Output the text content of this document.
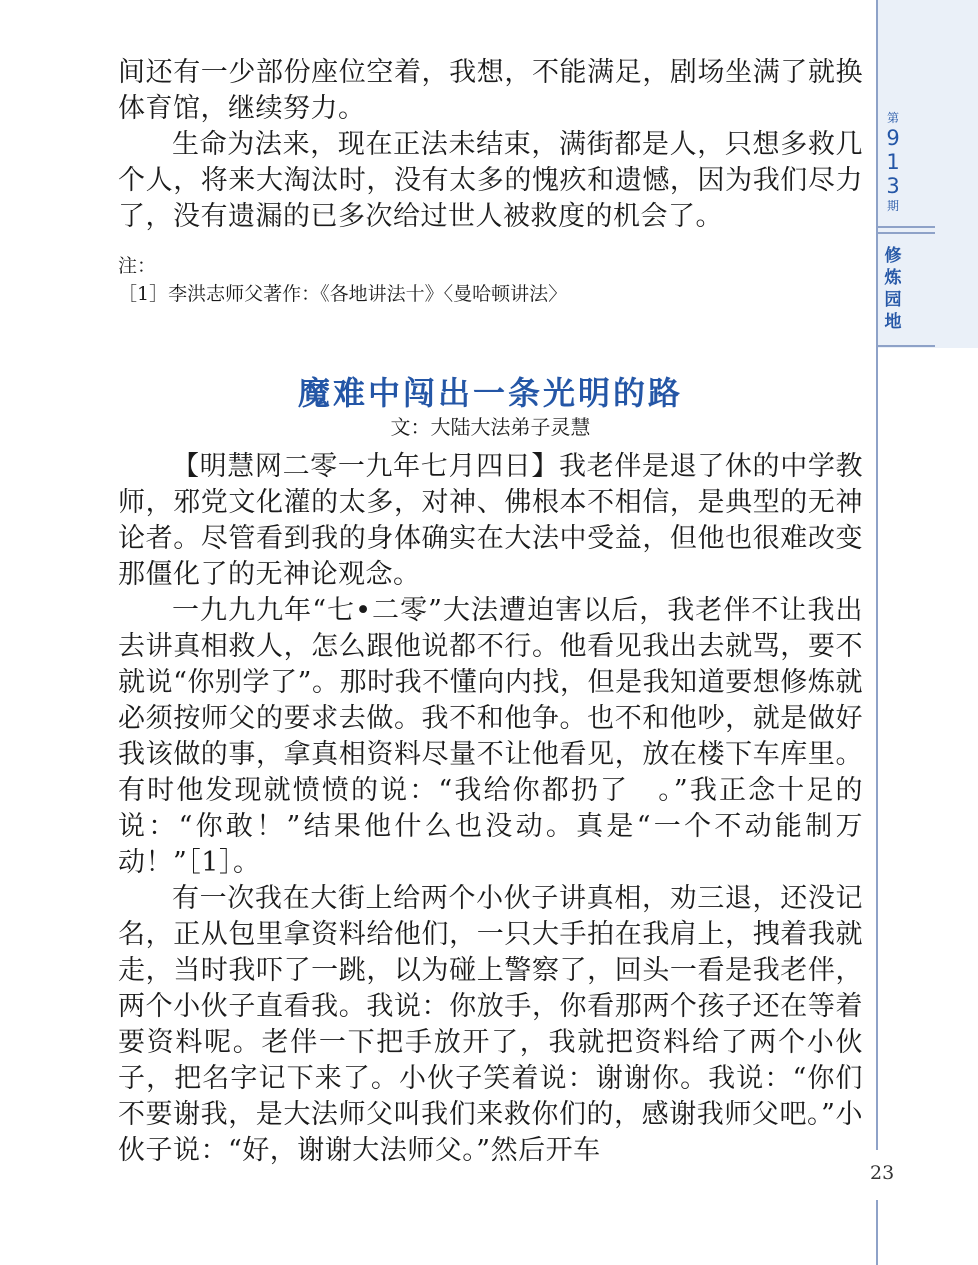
第
9
1
3
期
修
炼
园
地

间还有一少部份座位空着，我想，不能满足，剧场坐满了就换体育馆，继续努力。

生命为法来，现在正法未结束，满街都是人，只想多救几个人，将来大淘汰时，没有太多的愧疚和遗憾，因为我们尽力了，没有遗漏的已多次给过世人被救度的机会了。

注：
［1］李洪志师父著作：《各地讲法十》〈曼哈顿讲法〉
魔难中闯出一条光明的路
文：大陆大法弟子灵慧

【明慧网二零一九年七月四日】我老伴是退了休的中学教师，邪党文化灌的太多，对神、佛根本不相信，是典型的无神论者。尽管看到我的身体确实在大法中受益，但他也很难改变那僵化了的无神论观念。

一九九九年“七•二零”大法遭迫害以后，我老伴不让我出去讲真相救人，怎么跟他说都不行。他看见我出去就骂，要不就说“你别学了”。那时我不懂向内找，但是我知道要想修炼就必须按师父的要求去做。我不和他争。也不和他吵，就是做好我该做的事，拿真相资料尽量不让他看见，放在楼下车库里。有时他发现就愤愤的说：“我给你都扔了　。”我正念十足的说：“你敢！”结果他什么也没动。真是“一个不动能制万动！”［1］。

有一次我在大街上给两个小伙子讲真相，劝三退，还没记名，正从包里拿资料给他们，一只大手拍在我肩上，拽着我就走，当时我吓了一跳，以为碰上警察了，回头一看是我老伴，两个小伙子直看我。我说：你放手，你看那两个孩子还在等着要资料呢。老伴一下把手放开了，我就把资料给了两个小伙子，把名字记下来了。小伙子笑着说：谢谢你。我说：“你们不要谢我，是大法师父叫我们来救你们的，感谢我师父吧。”小伙子说：“好，谢谢大法师父。”然后开车

23
